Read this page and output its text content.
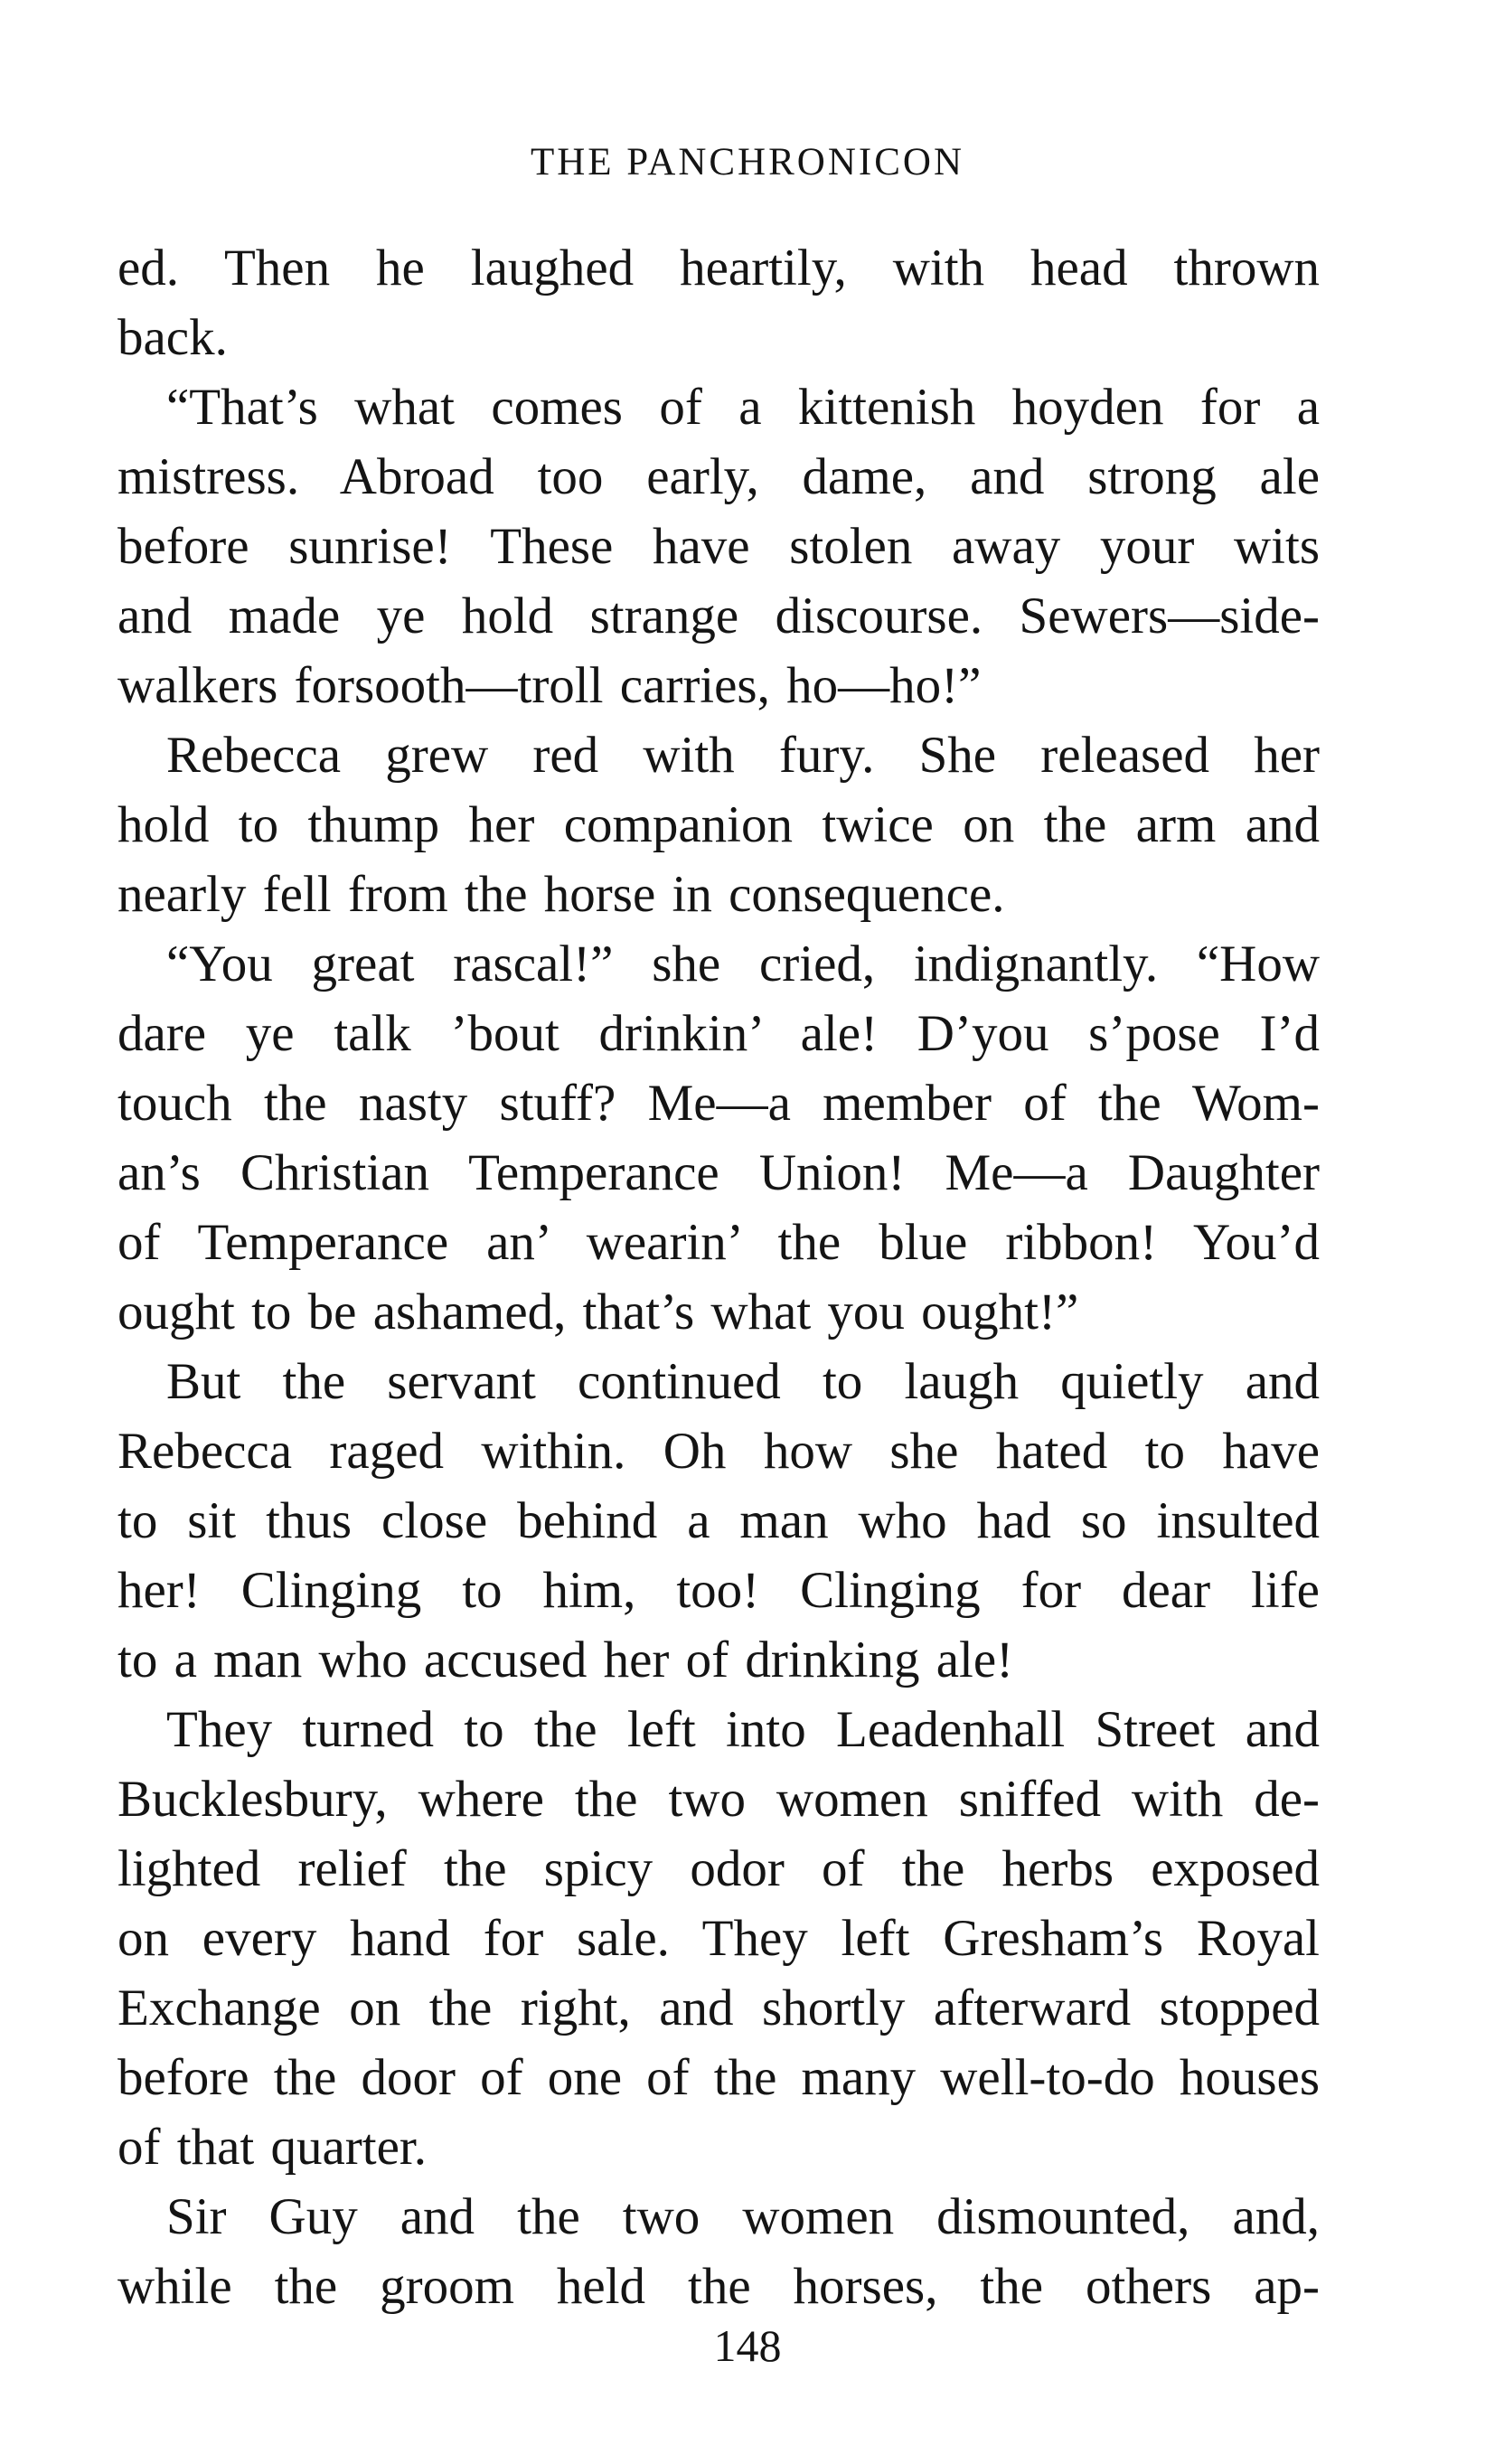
THE PANCHRONICON
ed. Then he laughed heartily, with head thrown
back.
“That’s what comes of a kittenish hoyden for a
mistress. Abroad too early, dame, and strong ale
before sunrise! These have stolen away your wits
and made ye hold strange discourse. Sewers—side-
walkers forsooth—troll carries, ho—ho!”
Rebecca grew red with fury. She released her
hold to thump her companion twice on the arm and
nearly fell from the horse in consequence.
“You great rascal!” she cried, indignantly. “How
dare ye talk ’bout drinkin’ ale! D’you s’pose I’d
touch the nasty stuff? Me—a member of the Wom-
an’s Christian Temperance Union! Me—a Daughter
of Temperance an’ wearin’ the blue ribbon! You’d
ought to be ashamed, that’s what you ought!”
But the servant continued to laugh quietly and
Rebecca raged within. Oh how she hated to have
to sit thus close behind a man who had so insulted
her! Clinging to him, too! Clinging for dear life
to a man who accused her of drinking ale!
They turned to the left into Leadenhall Street and
Bucklesbury, where the two women sniffed with de-
lighted relief the spicy odor of the herbs exposed
on every hand for sale. They left Gresham’s Royal
Exchange on the right, and shortly afterward stopped
before the door of one of the many well-to-do houses
of that quarter.
Sir Guy and the two women dismounted, and,
while the groom held the horses, the others ap-
148
